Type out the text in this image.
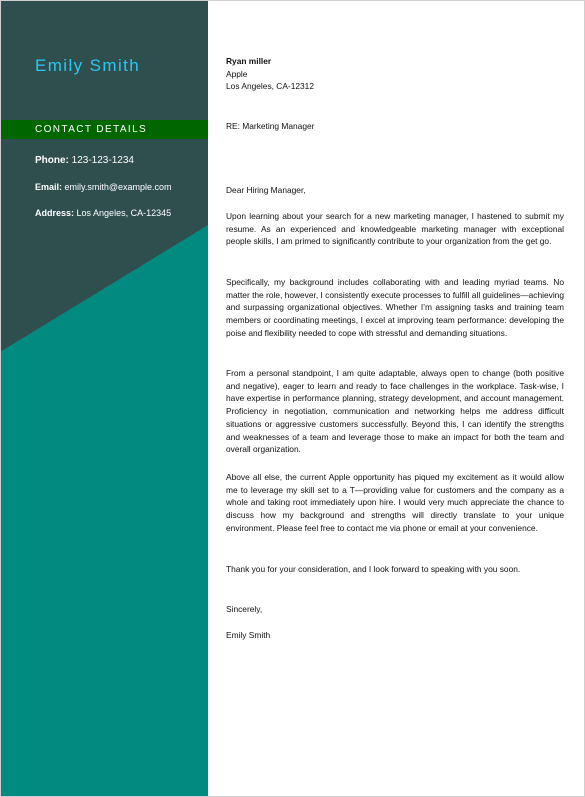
Emily Smith
CONTACT DETAILS
Phone: 123-123-1234
Email: emily.smith@example.com
Address: Los Angeles, CA-12345
Ryan miller
Apple
Los Angeles, CA-12312
RE: Marketing Manager
Dear Hiring Manager,
Upon learning about your search for a new marketing manager, I hastened to submit my resume. As an experienced and knowledgeable marketing manager with exceptional people skills, I am primed to significantly contribute to your organization from the get go.
Specifically, my background includes collaborating with and leading myriad teams. No matter the role, however, I consistently execute processes to fulfill all guidelines—achieving and surpassing organizational objectives. Whether I’m assigning tasks and training team members or coordinating meetings, I excel at improving team performance: developing the poise and flexibility needed to cope with stressful and demanding situations.
From a personal standpoint, I am quite adaptable, always open to change (both positive and negative), eager to learn and ready to face challenges in the workplace. Task-wise, I have expertise in performance planning, strategy development, and account management. Proficiency in negotiation, communication and networking helps me address difficult situations or aggressive customers successfully. Beyond this, I can identify the strengths and weaknesses of a team and leverage those to make an impact for both the team and overall organization.
Above all else, the current Apple opportunity has piqued my excitement as it would allow me to leverage my skill set to a T—providing value for customers and the company as a whole and taking root immediately upon hire. I would very much appreciate the chance to discuss how my background and strengths will directly translate to your unique environment. Please feel free to contact me via phone or email at your convenience.
Thank you for your consideration, and I look forward to speaking with you soon.
Sincerely,
Emily Smith
